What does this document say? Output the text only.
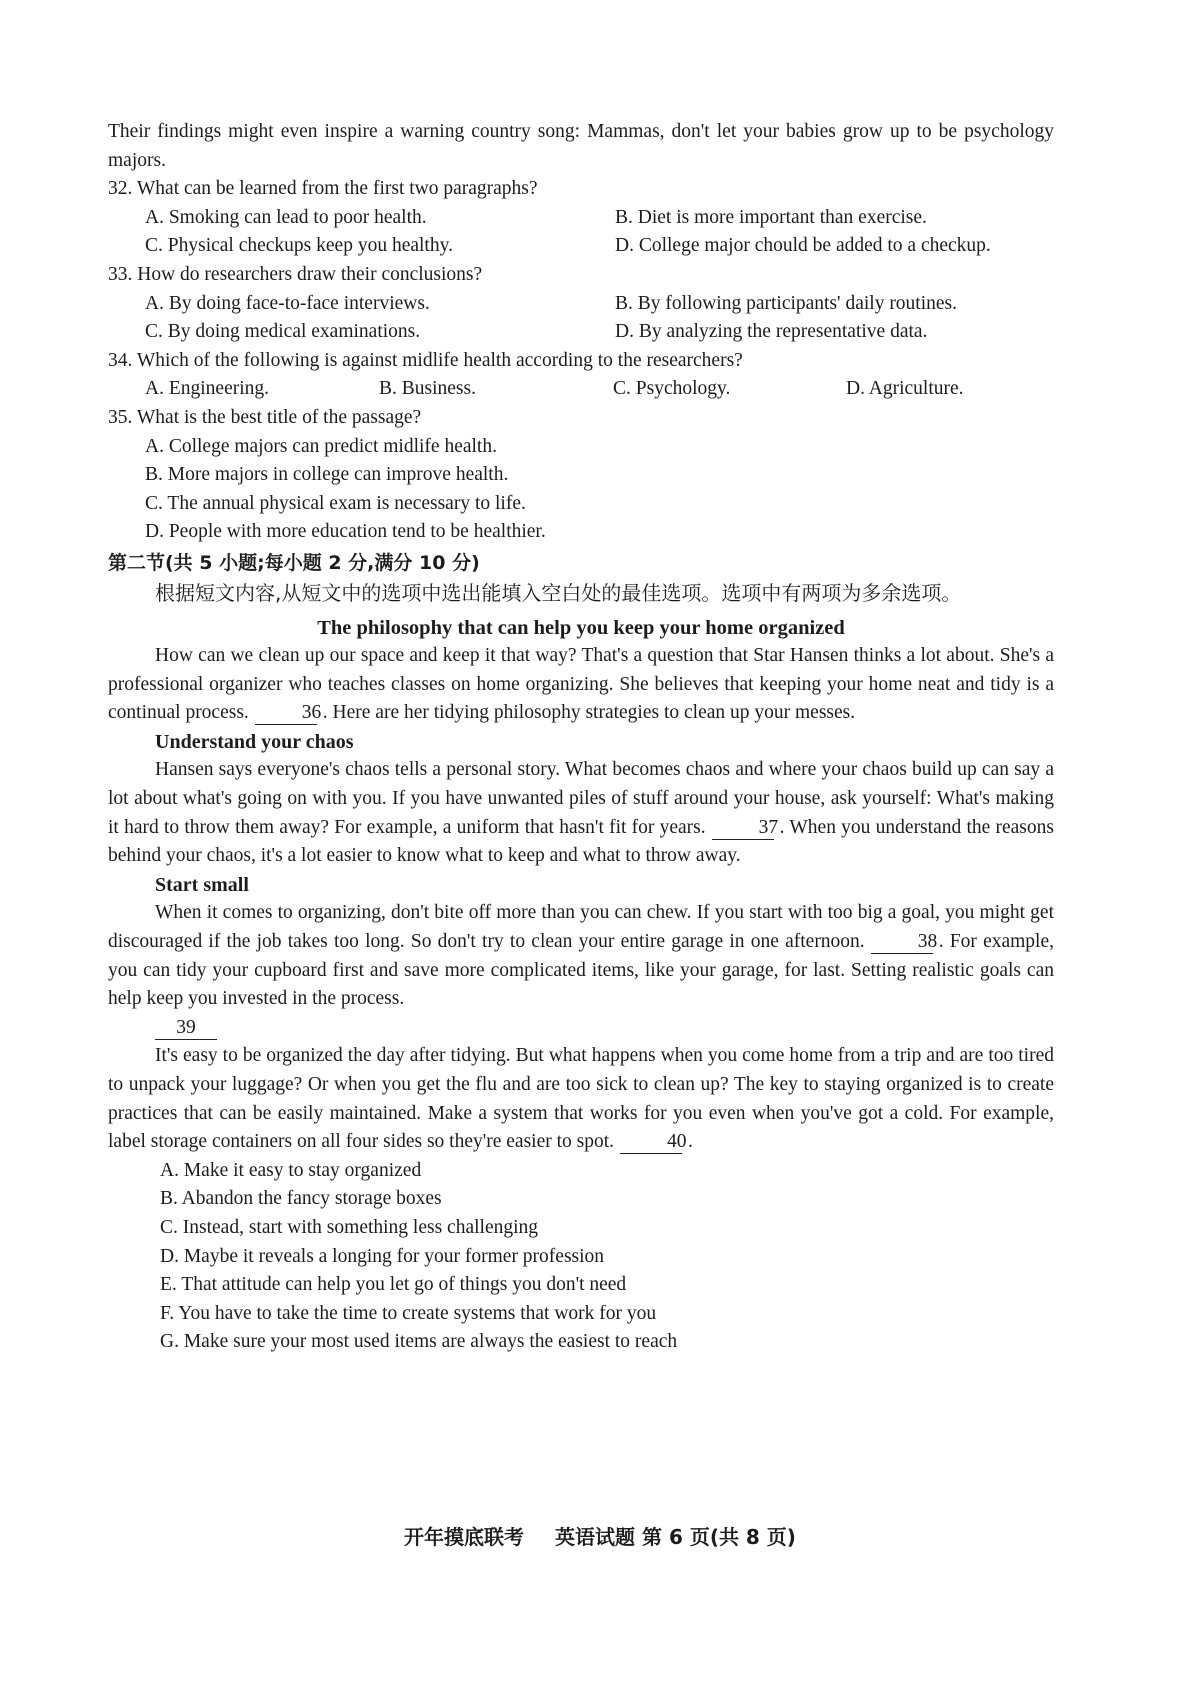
Their findings might even inspire a warning country song: Mammas, don't let your babies grow up to be psychology majors.

32. What can be learned from the first two paragraphs?
A. Smoking can lead to poor health.	B. Diet is more important than exercise.
C. Physical checkups keep you healthy.	D. College major chould be added to a checkup.
33. How do researchers draw their conclusions?
A. By doing face-to-face interviews.	B. By following participants' daily routines.
C. By doing medical examinations.	D. By analyzing the representative data.
34. Which of the following is against midlife health according to the researchers?
A. Engineering.	B. Business.	C. Psychology.	D. Agriculture.
35. What is the best title of the passage?
A. College majors can predict midlife health.
B. More majors in college can improve health.
C. The annual physical exam is necessary to life.
D. People with more education tend to be healthier.
第二节(共 5 小题;每小题 2 分,满分 10 分)
根据短文内容,从短文中的选项中选出能填入空白处的最佳选项。选项中有两项为多余选项。
The philosophy that can help you keep your home organized

How can we clean up our space and keep it that way? That's a question that Star Hansen thinks a lot about. She's a professional organizer who teaches classes on home organizing. She believes that keeping your home neat and tidy is a continual process.	36. Here are her tidying philosophy strategies to clean up your messes.

Understand your chaos

Hansen says everyone's chaos tells a personal story. What becomes chaos and where your chaos build up can say a lot about what's going on with you. If you have unwanted piles of stuff around your house, ask yourself: What's making it hard to throw them away? For example, a uniform that hasn't fit for years.	37. When you understand the reasons behind your chaos, it's a lot easier to know what to keep and what to throw away.

Start small

When it comes to organizing, don't bite off more than you can chew. If you start with too big a goal, you might get discouraged if the job takes too long. So don't try to clean your entire garage in one afternoon.	38. For example, you can tidy your cupboard first and save more complicated items, like your garage, for last. Setting realistic goals can help keep you invested in the process.

39

It's easy to be organized the day after tidying. But what happens when you come home from a trip and are too tired to unpack your luggage? Or when you get the flu and are too sick to clean up? The key to staying organized is to create practices that can be easily maintained. Make a system that works for you even when you've got a cold. For example, label storage containers on all four sides so they're easier to spot.	40.

A. Make it easy to stay organized
B. Abandon the fancy storage boxes
C. Instead, start with something less challenging
D. Maybe it reveals a longing for your former profession
E. That attitude can help you let go of things you don't need
F. You have to take the time to create systems that work for you
G. Make sure your most used items are always the easiest to reach
开年摸底联考 英语试题 第 6 页(共 8 页)
